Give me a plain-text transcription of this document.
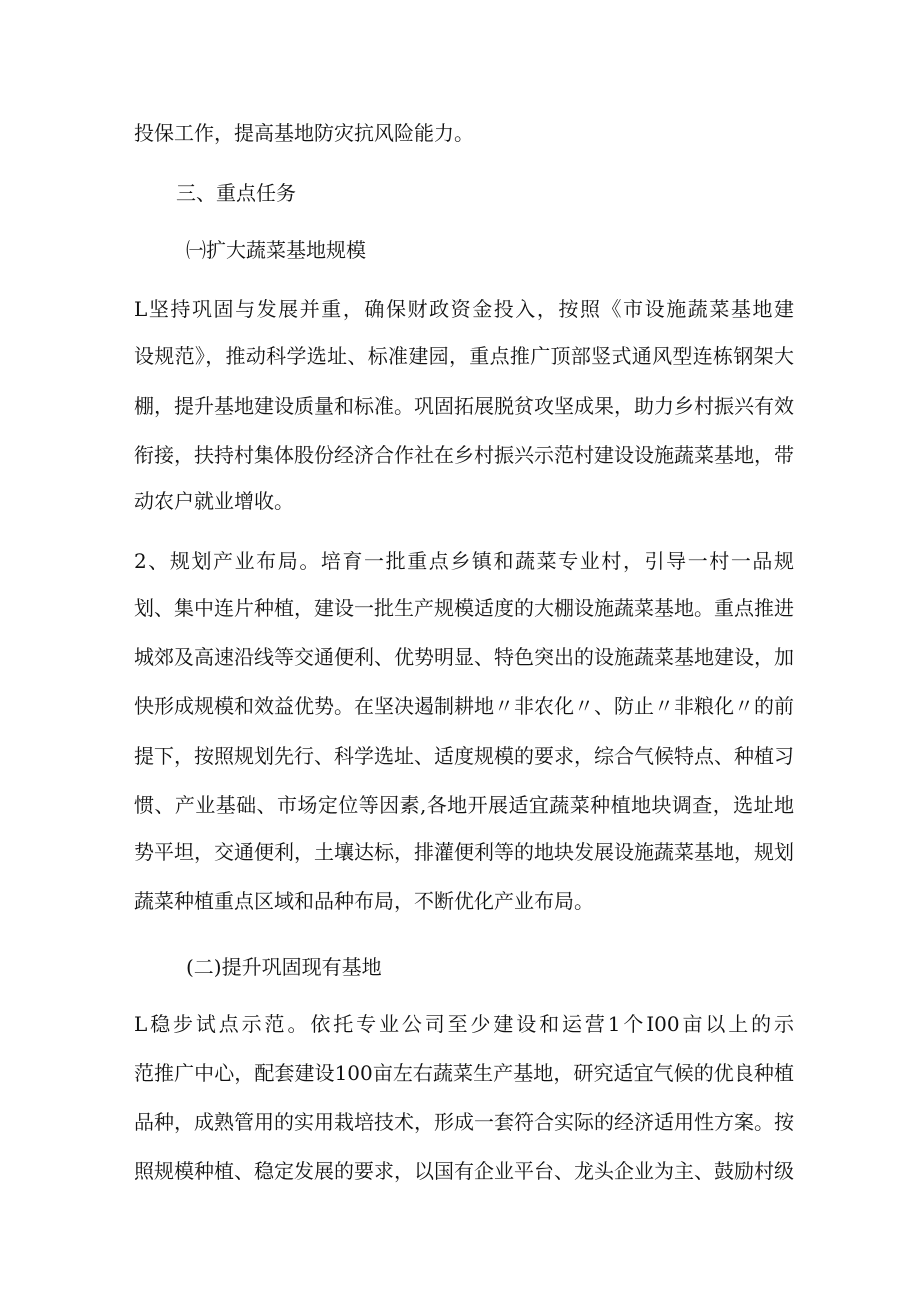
投保工作，提高基地防灾抗风险能力。
三、重点任务
㈠扩大蔬菜基地规模
L坚持巩固与发展并重，确保财政资金投入，按照《市设施蔬菜基地建
设规范》，推动科学选址、标准建园，重点推广顶部竖式通风型连栋钢架大
棚，提升基地建设质量和标准。巩固拓展脱贫攻坚成果，助力乡村振兴有效
衔接，扶持村集体股份经济合作社在乡村振兴示范村建设设施蔬菜基地，带
动农户就业增收。
2、规划产业布局。培育一批重点乡镇和蔬菜专业村，引导一村一品规
划、集中连片种植，建设一批生产规模适度的大棚设施蔬菜基地。重点推进
城郊及高速沿线等交通便利、优势明显、特色突出的设施蔬菜基地建设，加
快形成规模和效益优势。在坚决遏制耕地〃非农化〃、防止〃非粮化〃的前
提下，按照规划先行、科学选址、适度规模的要求，综合气候特点、种植习
惯、产业基础、市场定位等因素,各地开展适宜蔬菜种植地块调查，选址地
势平坦，交通便利，土壤达标，排灌便利等的地块发展设施蔬菜基地，规划
蔬菜种植重点区域和品种布局，不断优化产业布局。
(二)提升巩固现有基地
L稳步试点示范。依托专业公司至少建设和运营1个I00亩以上的示
范推广中心，配套建设100亩左右蔬菜生产基地，研究适宜气候的优良种植
品种，成熟管用的实用栽培技术，形成一套符合实际的经济适用性方案。按
照规模种植、稳定发展的要求，以国有企业平台、龙头企业为主、鼓励村级
